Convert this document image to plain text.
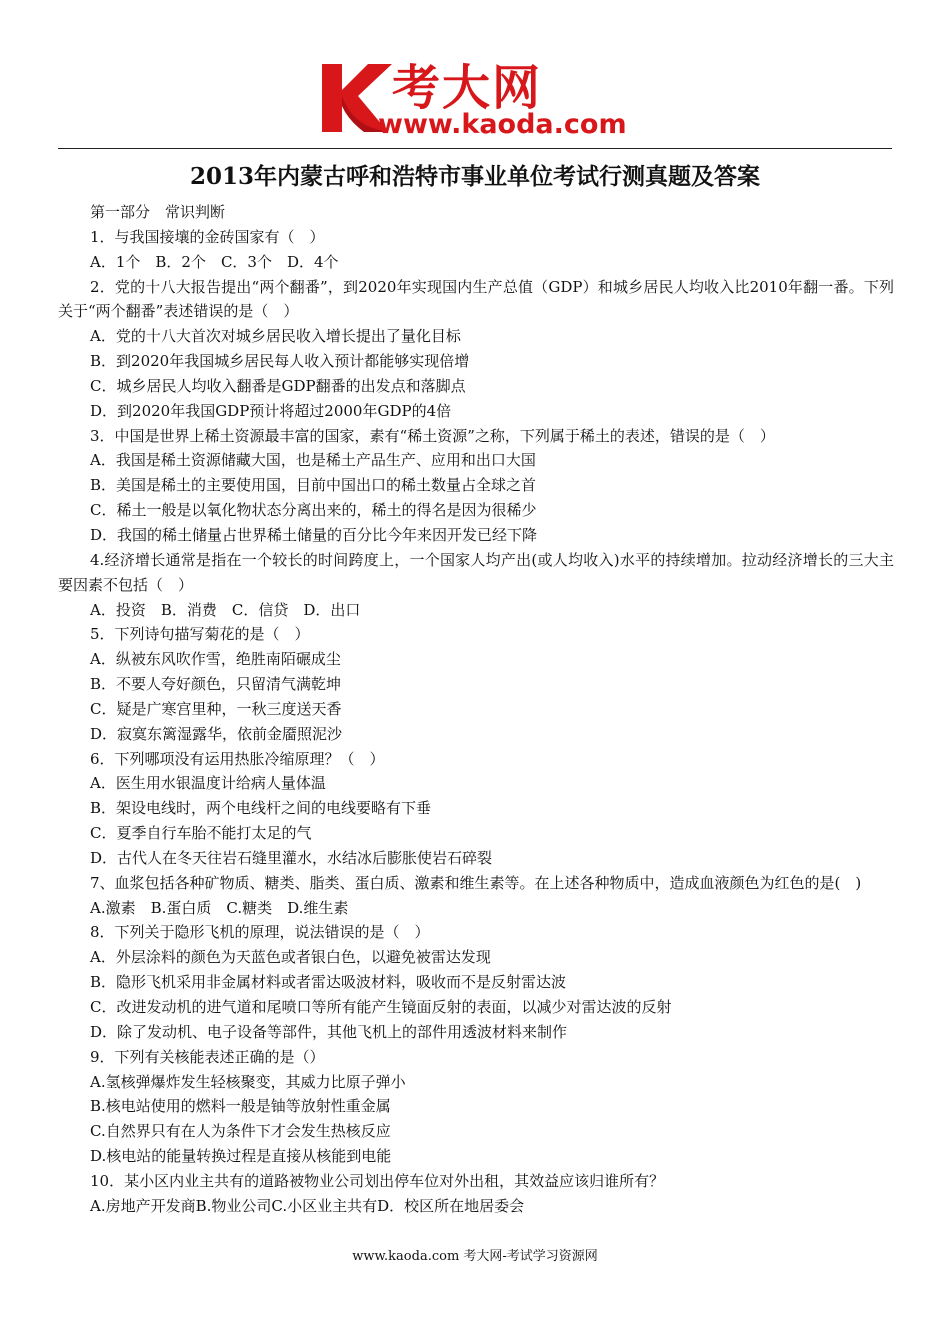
考大网
www.kaoda.com
2013年内蒙古呼和浩特市事业单位考试行测真题及答案
第一部分　常识判断
1．与我国接壤的金砖国家有（　）
A．1个　B．2个　C．3个　D．4个
2．党的十八大报告提出“两个翻番”，到2020年实现国内生产总值（GDP）和城乡居民人均收入比2010年翻一番。下列关于“两个翻番”表述错误的是（　）
A．党的十八大首次对城乡居民收入增长提出了量化目标
B．到2020年我国城乡居民每人收入预计都能够实现倍增
C．城乡居民人均收入翻番是GDP翻番的出发点和落脚点
D．到2020年我国GDP预计将超过2000年GDP的4倍
3．中国是世界上稀土资源最丰富的国家，素有“稀土资源”之称，下列属于稀土的表述，错误的是（　）
A．我国是稀土资源储藏大国，也是稀土产品生产、应用和出口大国
B．美国是稀土的主要使用国，目前中国出口的稀土数量占全球之首
C．稀土一般是以氧化物状态分离出来的，稀土的得名是因为很稀少
D．我国的稀土储量占世界稀土储量的百分比今年来因开发已经下降
4.经济增长通常是指在一个较长的时间跨度上，一个国家人均产出(或人均收入)水平的持续增加。拉动经济增长的三大主要因素不包括（　）
A．投资　B．消费　C．信贷　D．出口
5．下列诗句描写菊花的是（　）
A．纵被东风吹作雪，绝胜南陌碾成尘
B．不要人夸好颜色，只留清气满乾坤
C．疑是广寒宫里种，一秋三度送天香
D．寂寞东篱湿露华，依前金靥照泥沙
6．下列哪项没有运用热胀冷缩原理？（　）
A．医生用水银温度计给病人量体温
B．架设电线时，两个电线杆之间的电线要略有下垂
C．夏季自行车胎不能打太足的气
D．古代人在冬天往岩石缝里灌水，水结冰后膨胀使岩石碎裂
7、血浆包括各种矿物质、糖类、脂类、蛋白质、激素和维生素等。在上述各种物质中，造成血液颜色为红色的是(　)
A.激素　B.蛋白质　C.糖类　D.维生素
8．下列关于隐形飞机的原理，说法错误的是（　）
A．外层涂料的颜色为天蓝色或者银白色，以避免被雷达发现
B．隐形飞机采用非金属材料或者雷达吸波材料，吸收而不是反射雷达波
C．改进发动机的进气道和尾喷口等所有能产生镜面反射的表面，以减少对雷达波的反射
D．除了发动机、电子设备等部件，其他飞机上的部件用透波材料来制作
9．下列有关核能表述正确的是（）
A.氢核弹爆炸发生轻核聚变，其威力比原子弹小
B.核电站使用的燃料一般是铀等放射性重金属
C.自然界只有在人为条件下才会发生热核反应
D.核电站的能量转换过程是直接从核能到电能
10．某小区内业主共有的道路被物业公司划出停车位对外出租，其效益应该归谁所有？
A.房地产开发商B.物业公司C.小区业主共有D．校区所在地居委会
www.kaoda.com 考大网-考试学习资源网
